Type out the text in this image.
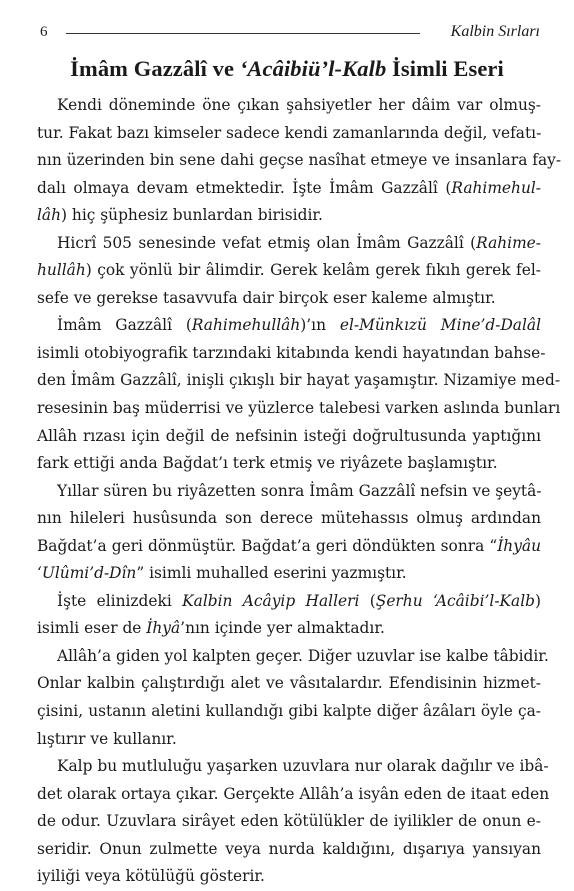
6	Kalbin Sırları
İmâm Gazzâlî ve ‘Acâibiü’l-Kalb İsimli Eseri
Kendi döneminde öne çıkan şahsiyetler her dâim var olmuş-
tur. Fakat bazı kimseler sadece kendi zamanlarında değil, vefatı-
nın üzerinden bin sene dahi geçse nasîhat etmeye ve insanlara fay-
dalı olmaya devam etmektedir. İşte İmâm Gazzâlî (Rahimehul-
lâh) hiç şüphesiz bunlardan birisidir.
Hicrî 505 senesinde vefat etmiş olan İmâm Gazzâlî (Rahime-
hullâh) çok yönlü bir âlimdir. Gerek kelâm gerek fıkıh gerek fel-
sefe ve gerekse tasavvufa dair birçok eser kaleme almıştır.
İmâm Gazzâlî (Rahimehullâh)’ın el-Münkızü Mine’d-Dalâl
isimli otobiyografik tarzındaki kitabında kendi hayatından bahse-
den İmâm Gazzâlî, inişli çıkışlı bir hayat yaşamıştır. Nizamiye med-
resesinin baş müderrisi ve yüzlerce talebesi varken aslında bunları
Allâh rızası için değil de nefsinin isteği doğrultusunda yaptığını
fark ettiği anda Bağdat’ı terk etmiş ve riyâzete başlamıştır.
Yıllar süren bu riyâzetten sonra İmâm Gazzâlî nefsin ve şeytâ-
nın hileleri husûsunda son derece mütehassıs olmuş ardından
Bağdat’a geri dönmüştür. Bağdat’a geri döndükten sonra “İhyâu
‘Ulûmi’d-Dîn” isimli muhalled eserini yazmıştır.
İşte elinizdeki Kalbin Acâyip Halleri (Şerhu ‘Acâibi’l-Kalb)
isimli eser de İhyâ’nın içinde yer almaktadır.
Allâh’a giden yol kalpten geçer. Diğer uzuvlar ise kalbe tâbidir.
Onlar kalbin çalıştırdığı alet ve vâsıtalardır. Efendisinin hizmet-
çisini, ustanın aletini kullandığı gibi kalpte diğer âzâları öyle ça-
lıştırır ve kullanır.
Kalp bu mutluluğu yaşarken uzuvlara nur olarak dağılır ve ibâ-
det olarak ortaya çıkar. Gerçekte Allâh’a isyân eden de itaat eden
de odur. Uzuvlara sirâyet eden kötülükler de iyilikler de onun e-
seridir. Onun zulmette veya nurda kaldığını, dışarıya yansıyan
iyiliği veya kötülüğü gösterir.
